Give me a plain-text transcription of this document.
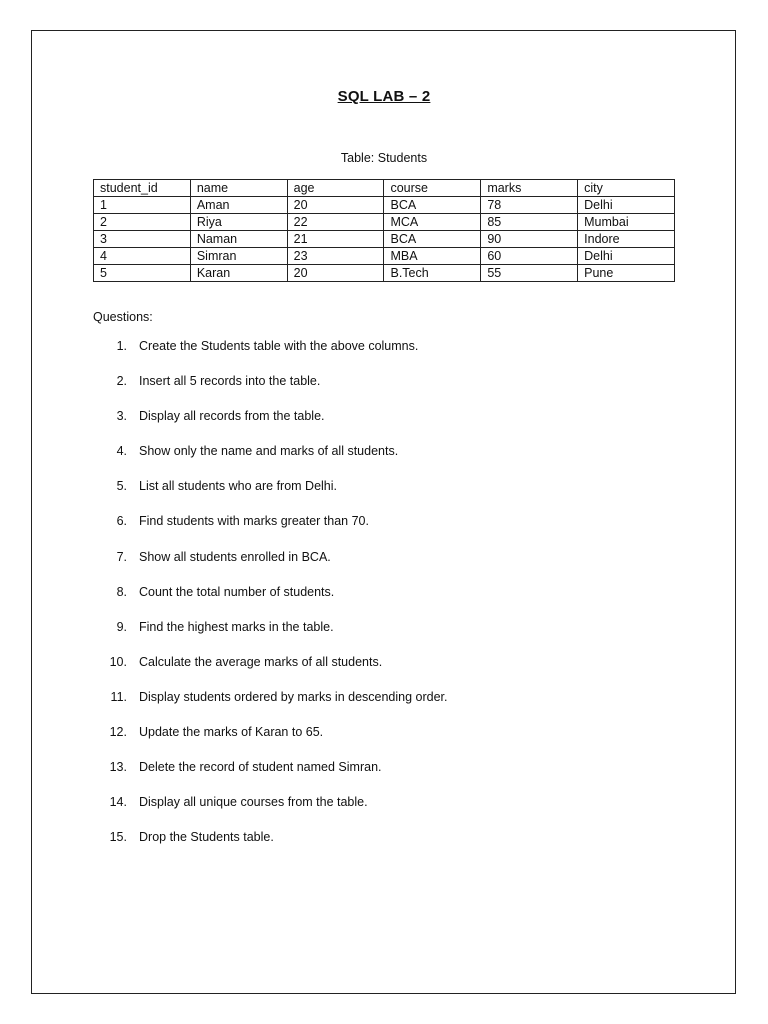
SQL LAB – 2
Table: Students
student_id	name	age	course	marks	city
1	Aman	20	BCA	78	Delhi
2	Riya	22	MCA	85	Mumbai
3	Naman	21	BCA	90	Indore
4	Simran	23	MBA	60	Delhi
5	Karan	20	B.Tech	55	Pune
Questions:
1. Create the Students table with the above columns.
2. Insert all 5 records into the table.
3. Display all records from the table.
4. Show only the name and marks of all students.
5. List all students who are from Delhi.
6. Find students with marks greater than 70.
7. Show all students enrolled in BCA.
8. Count the total number of students.
9. Find the highest marks in the table.
10. Calculate the average marks of all students.
11. Display students ordered by marks in descending order.
12. Update the marks of Karan to 65.
13. Delete the record of student named Simran.
14. Display all unique courses from the table.
15. Drop the Students table.
